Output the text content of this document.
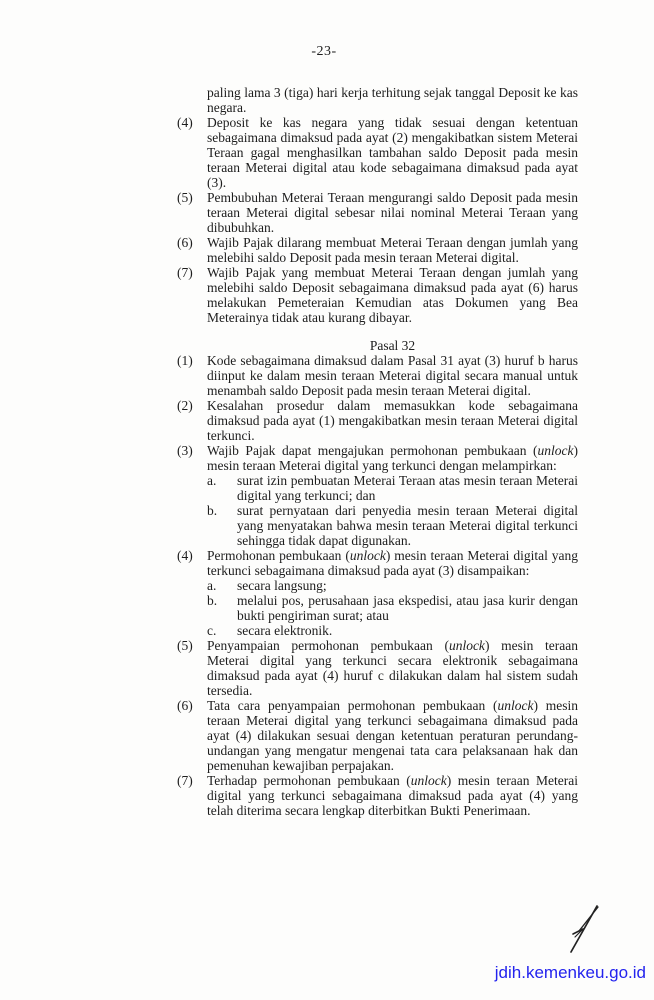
-23-

paling lama 3 (tiga) hari kerja terhitung sejak tanggal Deposit ke kas negara.

(4)	Deposit ke kas negara yang tidak sesuai dengan ketentuan sebagaimana dimaksud pada ayat (2) mengakibatkan sistem Meterai Teraan gagal menghasilkan tambahan saldo Deposit pada mesin teraan Meterai digital atau kode sebagaimana dimaksud pada ayat (3).
(5)	Pembubuhan Meterai Teraan mengurangi saldo Deposit pada mesin teraan Meterai digital sebesar nilai nominal Meterai Teraan yang dibubuhkan.
(6)	Wajib Pajak dilarang membuat Meterai Teraan dengan jumlah yang melebihi saldo Deposit pada mesin teraan Meterai digital.
(7)	Wajib Pajak yang membuat Meterai Teraan dengan jumlah yang melebihi saldo Deposit sebagaimana dimaksud pada ayat (6) harus melakukan Pemeteraian Kemudian atas Dokumen yang Bea Meterainya tidak atau kurang dibayar.
Pasal 32
(1)	Kode sebagaimana dimaksud dalam Pasal 31 ayat (3) huruf b harus diinput ke dalam mesin teraan Meterai digital secara manual untuk menambah saldo Deposit pada mesin teraan Meterai digital.
(2)	Kesalahan prosedur dalam memasukkan kode sebagaimana dimaksud pada ayat (1) mengakibatkan mesin teraan Meterai digital terkunci.
(3)	Wajib Pajak dapat mengajukan permohonan pembukaan (unlock) mesin teraan Meterai digital yang terkunci dengan melampirkan:
a.	surat izin pembuatan Meterai Teraan atas mesin teraan Meterai digital yang terkunci; dan
b.	surat pernyataan dari penyedia mesin teraan Meterai digital yang menyatakan bahwa mesin teraan Meterai digital terkunci sehingga tidak dapat digunakan.
(4)	Permohonan pembukaan (unlock) mesin teraan Meterai digital yang terkunci sebagaimana dimaksud pada ayat (3) disampaikan:
a.	secara langsung;
b.	melalui pos, perusahaan jasa ekspedisi, atau jasa kurir dengan bukti pengiriman surat; atau
c.	secara elektronik.
(5)	Penyampaian permohonan pembukaan (unlock) mesin teraan Meterai digital yang terkunci secara elektronik sebagaimana dimaksud pada ayat (4) huruf c dilakukan dalam hal sistem sudah tersedia.
(6)	Tata cara penyampaian permohonan pembukaan (unlock) mesin teraan Meterai digital yang terkunci sebagaimana dimaksud pada ayat (4) dilakukan sesuai dengan ketentuan peraturan perundang-undangan yang mengatur mengenai tata cara pelaksanaan hak dan pemenuhan kewajiban perpajakan.
(7)	Terhadap permohonan pembukaan (unlock) mesin teraan Meterai digital yang terkunci sebagaimana dimaksud pada ayat (4) yang telah diterima secara lengkap diterbitkan Bukti Penerimaan.
jdih.kemenkeu.go.id
